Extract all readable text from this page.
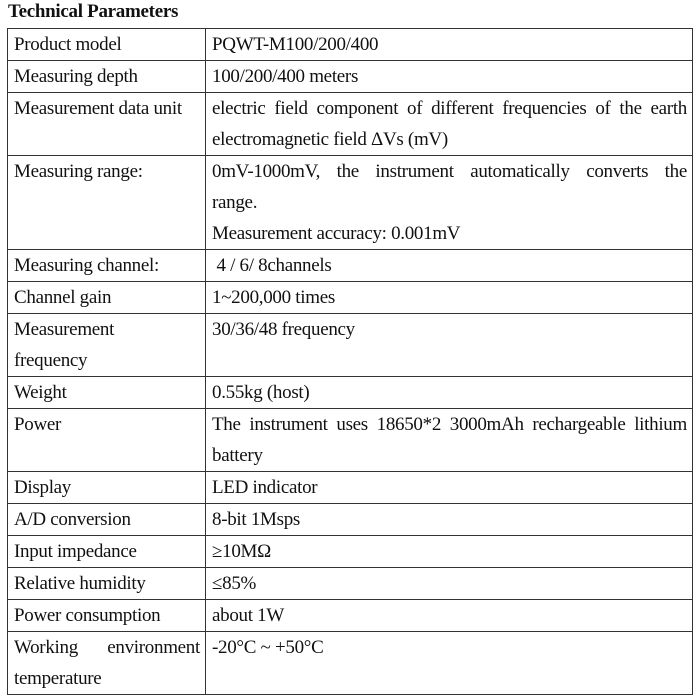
Technical Parameters
Product model	PQWT-M100/200/400

Measuring depth	100/200/400 meters

Measurement data unit	electric field component of different frequencies of the earth
electromagnetic field ΔVs (mV)

Measuring range:	0mV-1000mV, the instrument automatically converts the
range.
Measurement accuracy: 0.001mV

Measuring channel:	4 / 6/ 8channels

Channel gain	1~200,000 times

Measurement
frequency	30/36/48 frequency

Weight	0.55kg (host)

Power	The instrument uses 18650*2 3000mAh rechargeable lithium
battery

Display	LED indicator

A/D conversion	8-bit 1Msps

Input impedance	≥10MΩ

Relative humidity	≤85%

Power consumption	about 1W

Working environment
temperature	-20°C ~ +50°C
